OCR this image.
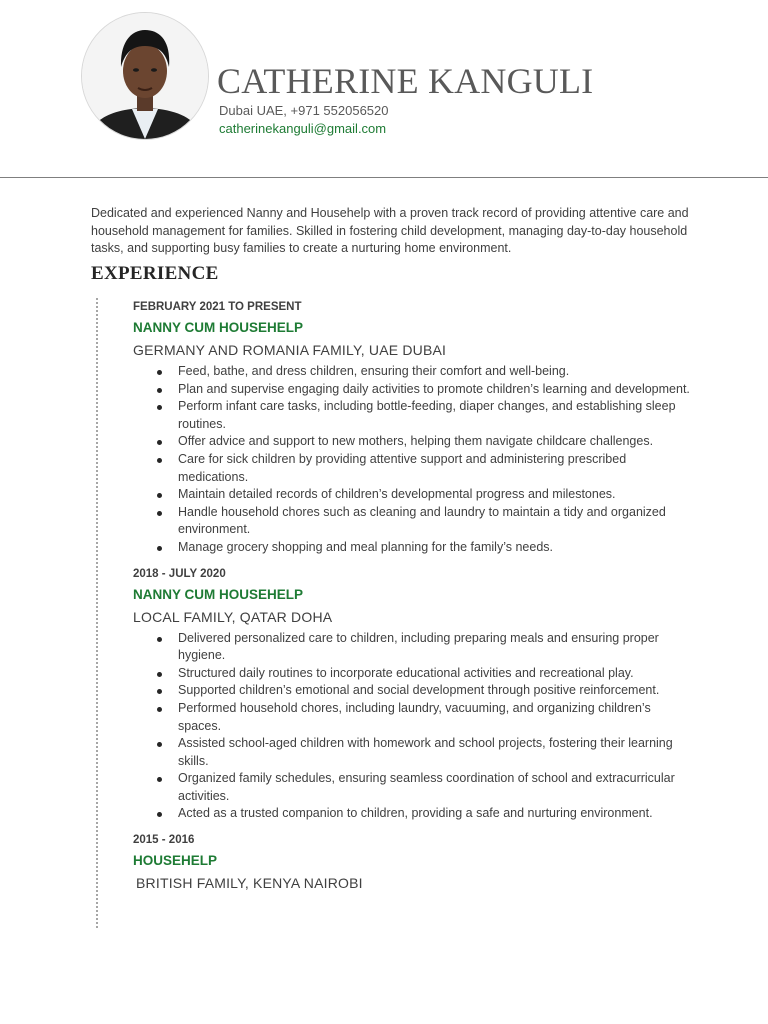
CATHERINE KANGULI
Dubai UAE, +971 552056520
catherinekanguli@gmail.com

Dedicated and experienced Nanny and Househelp with a proven track record of providing attentive care and household management for families. Skilled in fostering child development, managing day-to-day household tasks, and supporting busy families to create a nurturing home environment.

EXPERIENCE
FEBRUARY 2021 TO PRESENT
NANNY CUM HOUSEHELP
GERMANY AND ROMANIA FAMILY, UAE DUBAI
Feed, bathe, and dress children, ensuring their comfort and well-being.
Plan and supervise engaging daily activities to promote children’s learning and development.
Perform infant care tasks, including bottle-feeding, diaper changes, and establishing sleep routines.
Offer advice and support to new mothers, helping them navigate childcare challenges.
Care for sick children by providing attentive support and administering prescribed medications.
Maintain detailed records of children’s developmental progress and milestones.
Handle household chores such as cleaning and laundry to maintain a tidy and organized environment.
Manage grocery shopping and meal planning for the family’s needs.
2018 - JULY 2020
NANNY CUM HOUSEHELP
LOCAL FAMILY, QATAR DOHA
Delivered personalized care to children, including preparing meals and ensuring proper hygiene.
Structured daily routines to incorporate educational activities and recreational play.
Supported children’s emotional and social development through positive reinforcement.
Performed household chores, including laundry, vacuuming, and organizing children’s spaces.
Assisted school-aged children with homework and school projects, fostering their learning skills.
Organized family schedules, ensuring seamless coordination of school and extracurricular activities.
Acted as a trusted companion to children, providing a safe and nurturing environment.
2015 - 2016
HOUSEHELP
BRITISH FAMILY, KENYA NAIROBI
